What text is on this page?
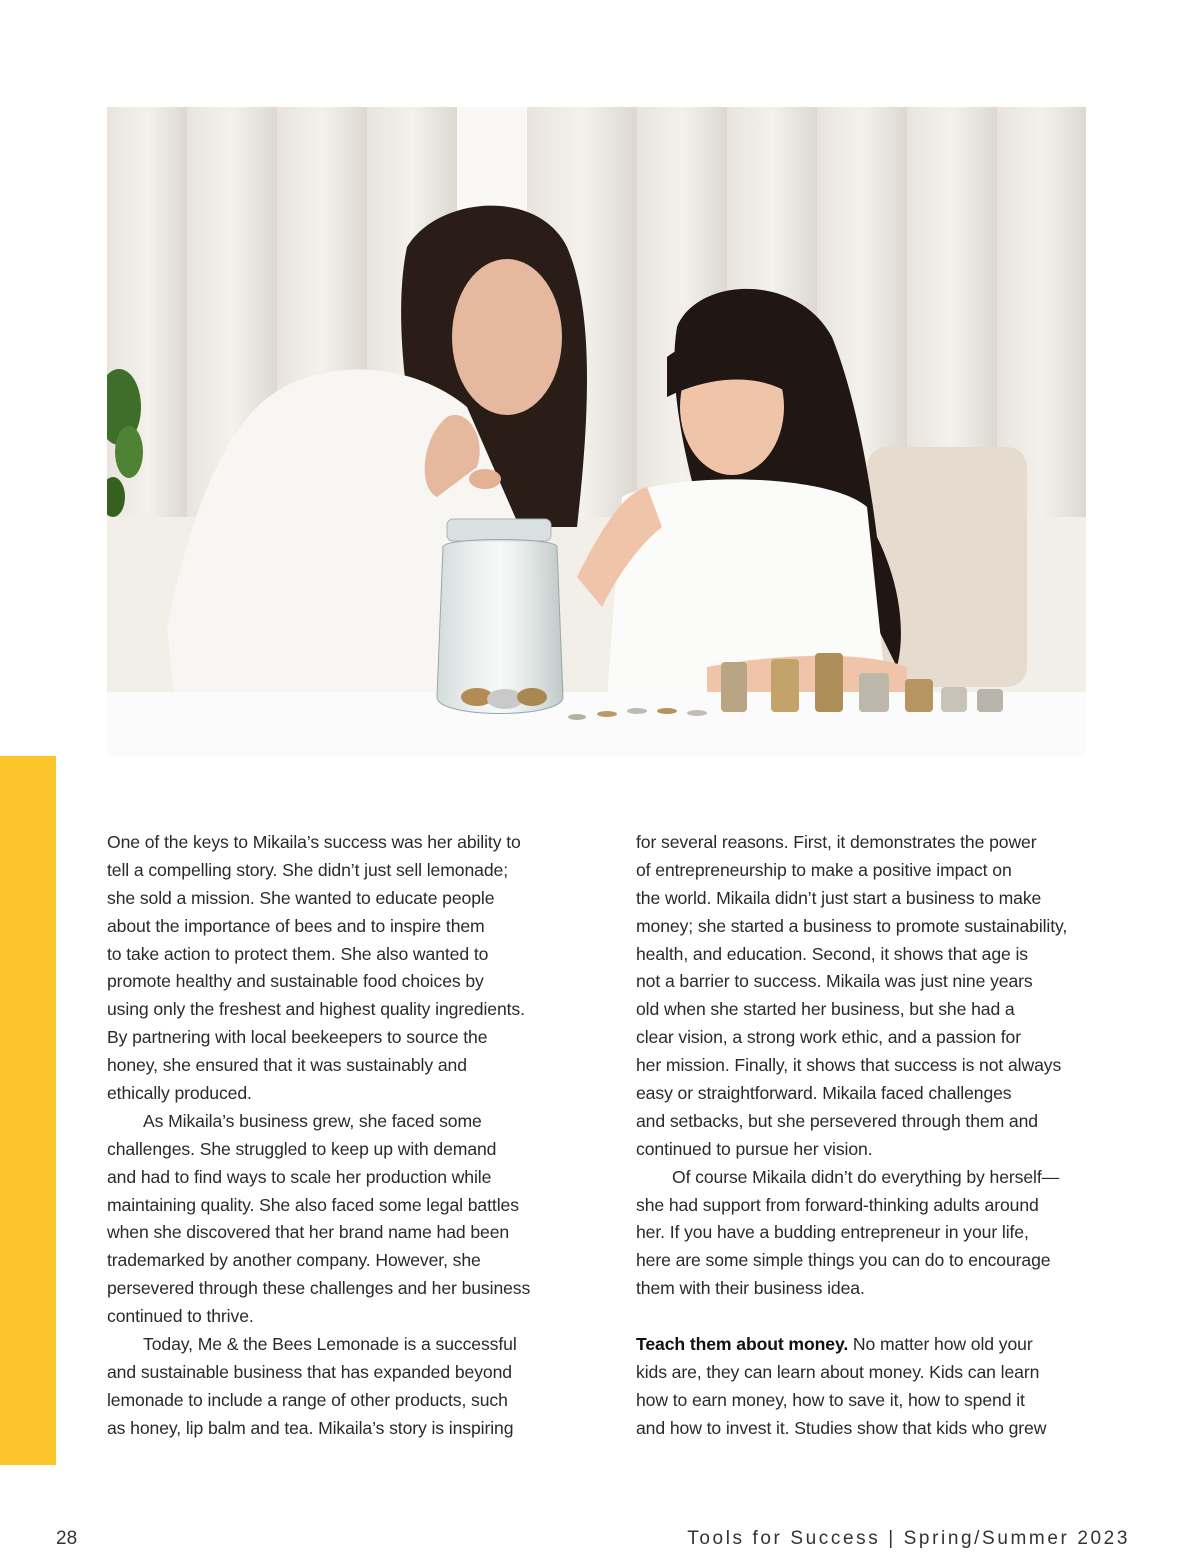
One of the keys to Mikaila’s success was her ability to
tell a compelling story. She didn’t just sell lemonade;
she sold a mission. She wanted to educate people
about the importance of bees and to inspire them
to take action to protect them. She also wanted to
promote healthy and sustainable food choices by
using only the freshest and highest quality ingredients.
By partnering with local beekeepers to source the
honey, she ensured that it was sustainably and
ethically produced.
As Mikaila’s business grew, she faced some
challenges. She struggled to keep up with demand
and had to find ways to scale her production while
maintaining quality. She also faced some legal battles
when she discovered that her brand name had been
trademarked by another company. However, she
persevered through these challenges and her business
continued to thrive.
Today, Me & the Bees Lemonade is a successful
and sustainable business that has expanded beyond
lemonade to include a range of other products, such
as honey, lip balm and tea. Mikaila’s story is inspiring
for several reasons. First, it demonstrates the power
of entrepreneurship to make a positive impact on
the world. Mikaila didn’t just start a business to make
money; she started a business to promote sustainability,
health, and education. Second, it shows that age is
not a barrier to success. Mikaila was just nine years
old when she started her business, but she had a
clear vision, a strong work ethic, and a passion for
her mission. Finally, it shows that success is not always
easy or straightforward. Mikaila faced challenges
and setbacks, but she persevered through them and
continued to pursue her vision.
Of course Mikaila didn’t do everything by herself—
she had support from forward-thinking adults around
her. If you have a budding entrepreneur in your life,
here are some simple things you can do to encourage
them with their business idea.
Teach them about money. No matter how old your
kids are, they can learn about money. Kids can learn
how to earn money, how to save it, how to spend it
and how to invest it. Studies show that kids who grew
28	Tools for Success | Spring/Summer 2023
